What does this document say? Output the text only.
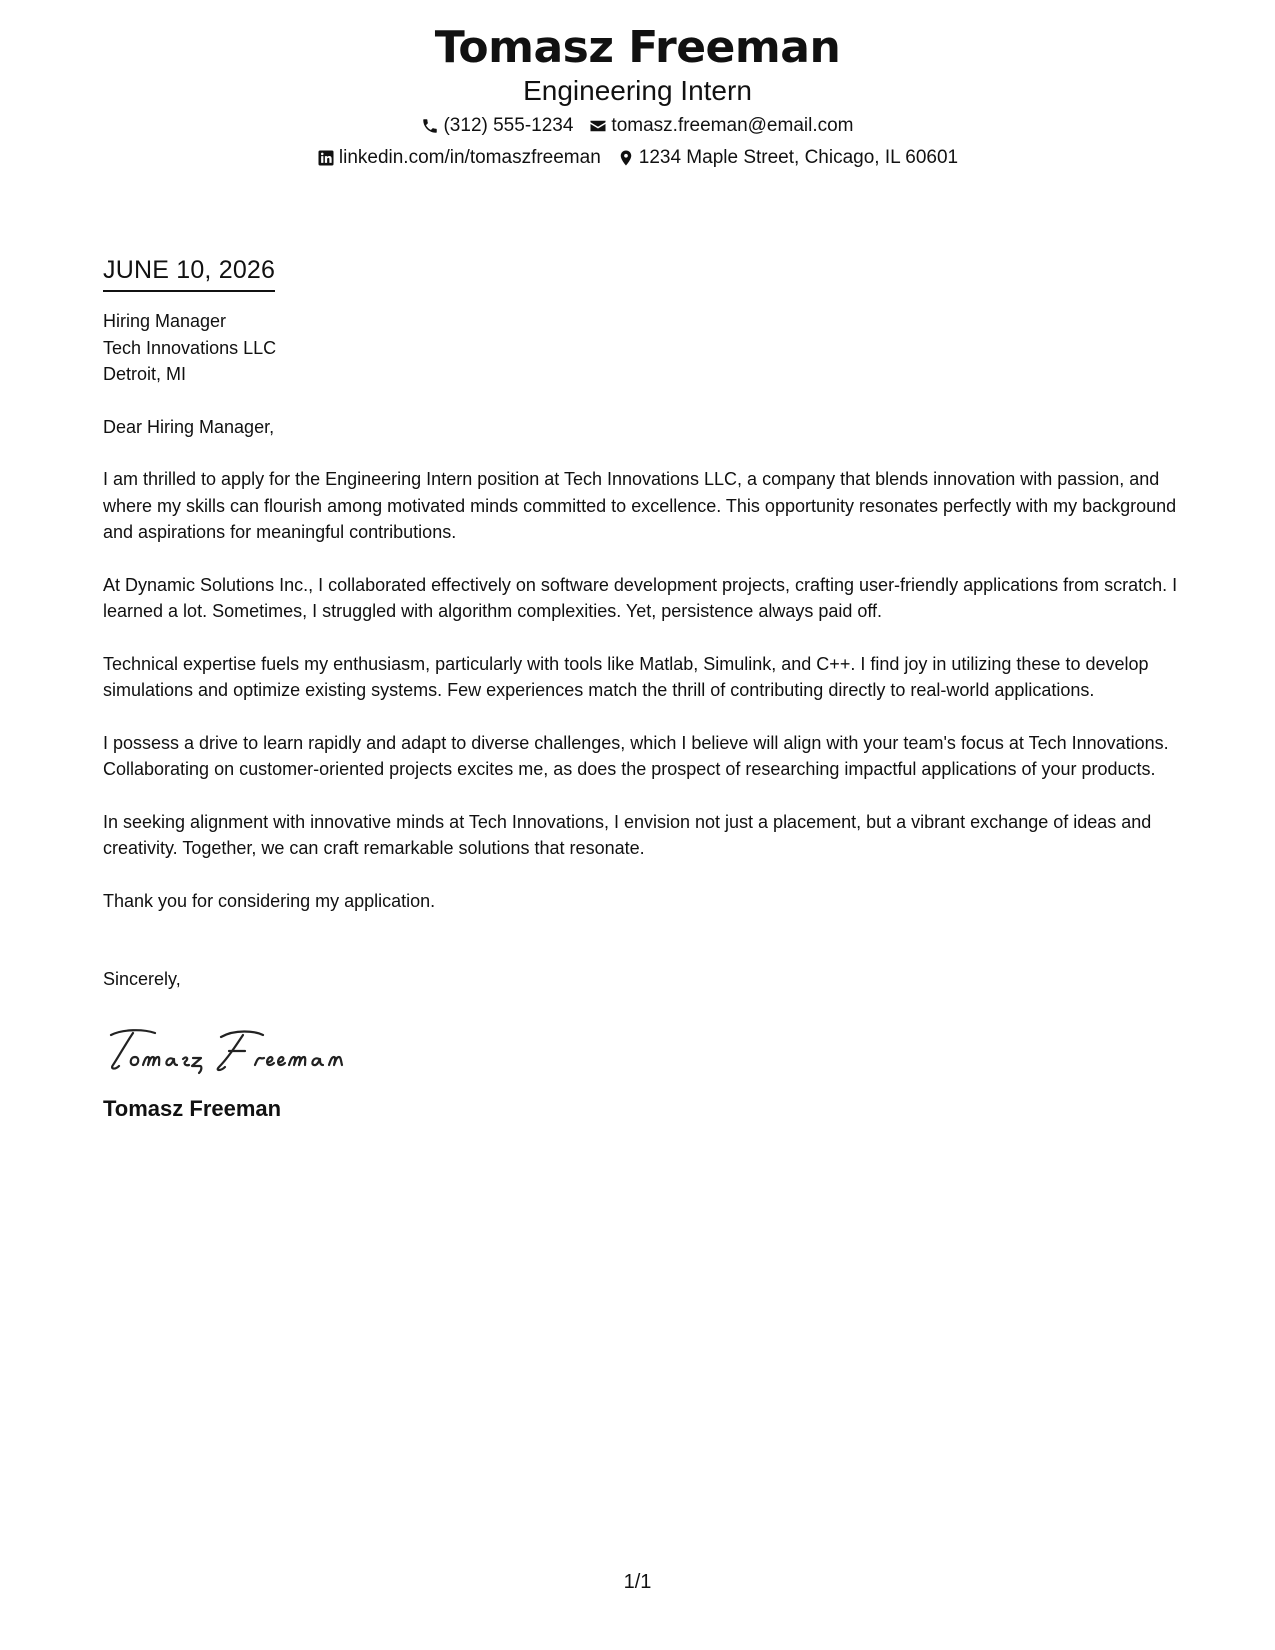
Tomasz Freeman
Engineering Intern
(312) 555-1234 tomasz.freeman@email.com
linkedin.com/in/tomaszfreeman 1234 Maple Street, Chicago, IL 60601
JUNE 10, 2026
Hiring Manager
Tech Innovations LLC
Detroit, MI
Dear Hiring Manager,
I am thrilled to apply for the Engineering Intern position at Tech Innovations LLC, a company that blends innovation with passion, and where my skills can flourish among motivated minds committed to excellence. This opportunity resonates perfectly with my background and aspirations for meaningful contributions.
At Dynamic Solutions Inc., I collaborated effectively on software development projects, crafting user-friendly applications from scratch. I learned a lot. Sometimes, I struggled with algorithm complexities. Yet, persistence always paid off.
Technical expertise fuels my enthusiasm, particularly with tools like Matlab, Simulink, and C++. I find joy in utilizing these to develop simulations and optimize existing systems. Few experiences match the thrill of contributing directly to real-world applications.
I possess a drive to learn rapidly and adapt to diverse challenges, which I believe will align with your team's focus at Tech Innovations. Collaborating on customer-oriented projects excites me, as does the prospect of researching impactful applications of your products.
In seeking alignment with innovative minds at Tech Innovations, I envision not just a placement, but a vibrant exchange of ideas and creativity. Together, we can craft remarkable solutions that resonate.
Thank you for considering my application.
Sincerely,
Tomasz Freeman
1/1
